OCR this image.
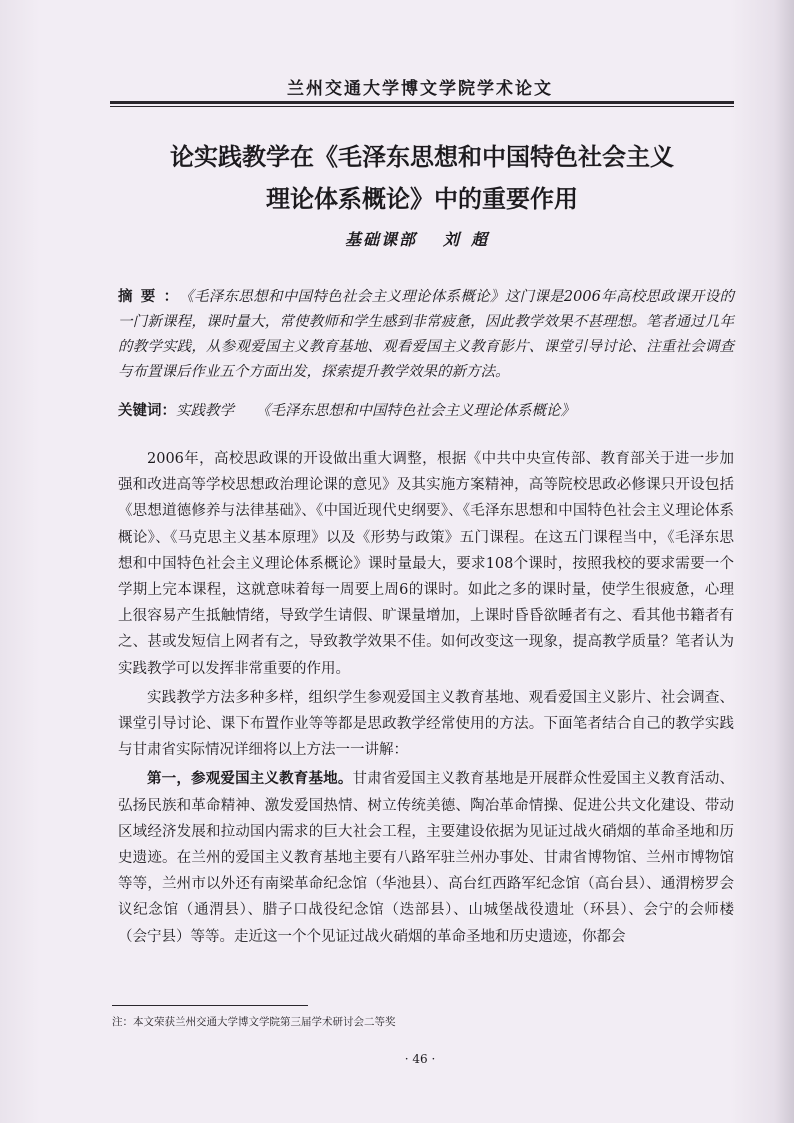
兰州交通大学博文学院学术论文
论实践教学在《毛泽东思想和中国特色社会主义
理论体系概论》中的重要作用
基础课部 刘超

摘要：《毛泽东思想和中国特色社会主义理论体系概论》这门课是2006年高校思政课开设的一门新课程，课时量大，常使教师和学生感到非常疲惫，因此教学效果不甚理想。笔者通过几年的教学实践，从参观爱国主义教育基地、观看爱国主义教育影片、课堂引导讨论、注重社会调查与布置课后作业五个方面出发，探索提升教学效果的新方法。

关键词：实践教学 《毛泽东思想和中国特色社会主义理论体系概论》

2006年，高校思政课的开设做出重大调整，根据《中共中央宣传部、教育部关于进一步加强和改进高等学校思想政治理论课的意见》及其实施方案精神，高等院校思政必修课只开设包括《思想道德修养与法律基础》、《中国近现代史纲要》、《毛泽东思想和中国特色社会主义理论体系概论》、《马克思主义基本原理》以及《形势与政策》五门课程。在这五门课程当中，《毛泽东思想和中国特色社会主义理论体系概论》课时量最大，要求108个课时，按照我校的要求需要一个学期上完本课程，这就意味着每一周要上周6的课时。如此之多的课时量，使学生很疲惫，心理上很容易产生抵触情绪，导致学生请假、旷课量增加，上课时昏昏欲睡者有之、看其他书籍者有之、甚或发短信上网者有之，导致教学效果不佳。如何改变这一现象，提高教学质量？笔者认为实践教学可以发挥非常重要的作用。

实践教学方法多种多样，组织学生参观爱国主义教育基地、观看爱国主义影片、社会调查、课堂引导讨论、课下布置作业等等都是思政教学经常使用的方法。下面笔者结合自己的教学实践与甘肃省实际情况详细将以上方法一一讲解：

第一，参观爱国主义教育基地。甘肃省爱国主义教育基地是开展群众性爱国主义教育活动、弘扬民族和革命精神、激发爱国热情、树立传统美德、陶冶革命情操、促进公共文化建设、带动区域经济发展和拉动国内需求的巨大社会工程，主要建设依据为见证过战火硝烟的革命圣地和历史遗迹。在兰州的爱国主义教育基地主要有八路军驻兰州办事处、甘肃省博物馆、兰州市博物馆等等，兰州市以外还有南梁革命纪念馆（华池县）、高台红西路军纪念馆（高台县）、通渭榜罗会议纪念馆（通渭县）、腊子口战役纪念馆（迭部县）、山城堡战役遗址（环县）、会宁的会师楼（会宁县）等等。走近这一个个见证过战火硝烟的革命圣地和历史遗迹，你都会

注：本文荣获兰州交通大学博文学院第三届学术研讨会二等奖

· 46 ·
